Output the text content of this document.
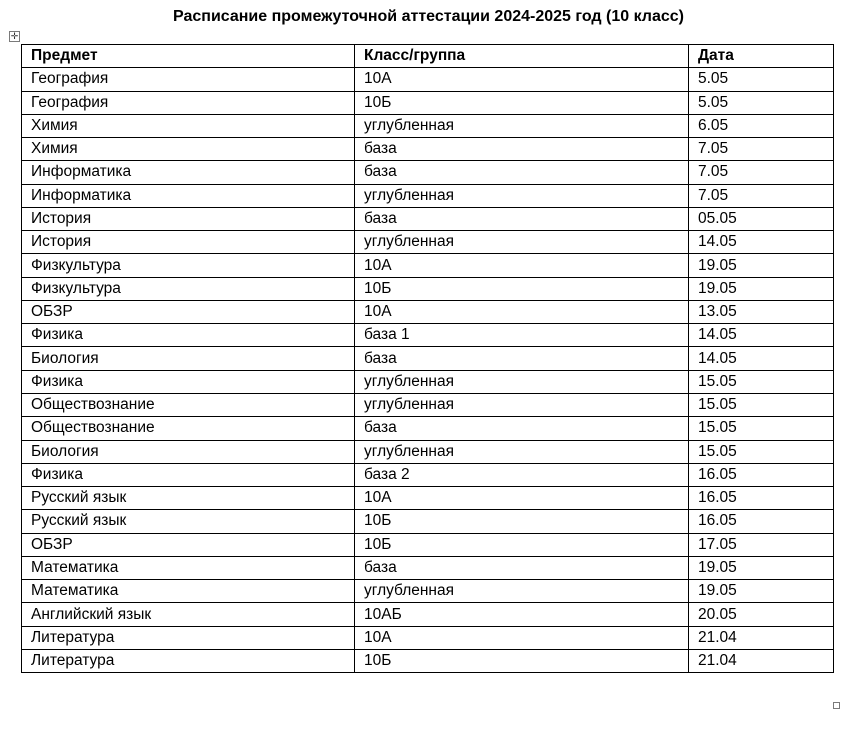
Расписание промежуточной аттестации 2024-2025 год (10 класс)
✛
Предмет	Класс/группа	Дата
География	10А	5.05
География	10Б	5.05
Химия	углубленная	6.05
Химия	база	7.05
Информатика	база	7.05
Информатика	углубленная	7.05
История	база	05.05
История	углубленная	14.05
Физкультура	10А	19.05
Физкультура	10Б	19.05
ОБЗР	10А	13.05
Физика	база 1	14.05
Биология	база	14.05
Физика	углубленная	15.05
Обществознание	углубленная	15.05
Обществознание	база	15.05
Биология	углубленная	15.05
Физика	база 2	16.05
Русский язык	10А	16.05
Русский язык	10Б	16.05
ОБЗР	10Б	17.05
Математика	база	19.05
Математика	углубленная	19.05
Английский язык	10АБ	20.05
Литература	10А	21.04
Литература	10Б	21.04
